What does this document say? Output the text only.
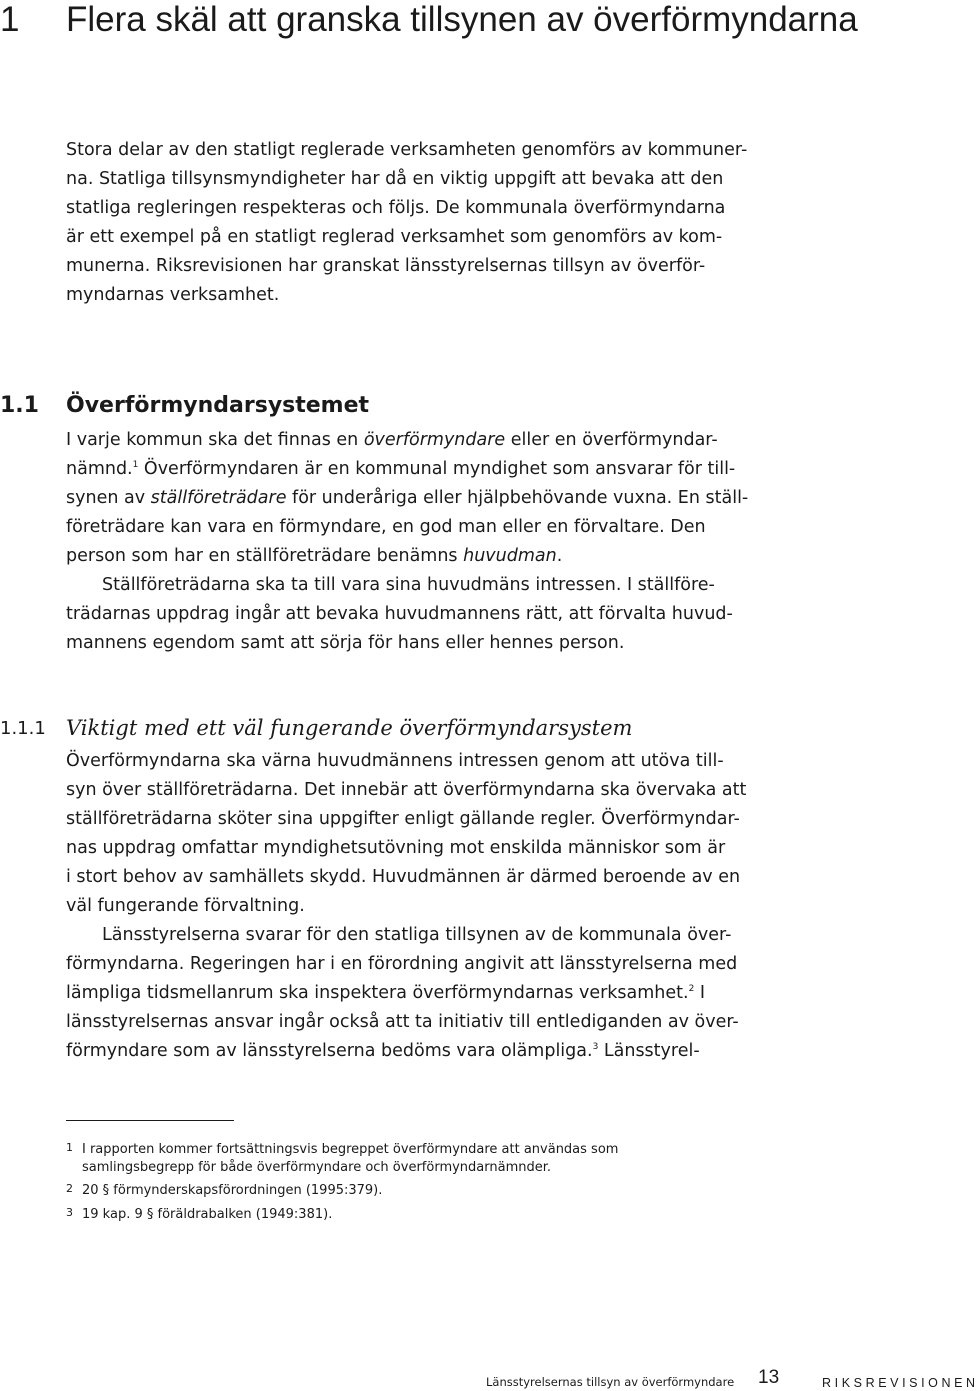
1 Flera skäl att granska tillsynen av överförmyndarna
Stora delar av den statligt reglerade verksamheten genomförs av kommuner-
na. Statliga tillsynsmyndigheter har då en viktig uppgift att bevaka att den
statliga regleringen respekteras och följs. De kommunala överförmyndarna
är ett exempel på en statligt reglerad verksamhet som genomförs av kom-
munerna. Riksrevisionen har granskat länsstyrelsernas tillsyn av överför-
myndarnas verksamhet.
1.1 Överförmyndarsystemet
I varje kommun ska det finnas en överförmyndare eller en överförmyndar-
nämnd.$^1$ Överförmyndaren är en kommunal myndighet som ansvarar för till-
synen av ställföreträdare för underåriga eller hjälpbehövande vuxna. En ställ-
företrädare kan vara en förmyndare, en god man eller en förvaltare. Den
person som har en ställföreträdare benämns huvudman.
Ställföreträdarna ska ta till vara sina huvudmäns intressen. I ställföre-
trädarnas uppdrag ingår att bevaka huvudmannens rätt, att förvalta huvud-
mannens egendom samt att sörja för hans eller hennes person.
1.1.1 Viktigt med ett väl fungerande överförmyndarsystem
Överförmyndarna ska värna huvudmännens intressen genom att utöva till-
syn över ställföreträdarna. Det innebär att överförmyndarna ska övervaka att
ställföreträdarna sköter sina uppgifter enligt gällande regler. Överförmyndar-
nas uppdrag omfattar myndighetsutövning mot enskilda människor som är
i stort behov av samhällets skydd. Huvudmännen är därmed beroende av en
väl fungerande förvaltning.
Länsstyrelserna svarar för den statliga tillsynen av de kommunala över-
förmyndarna. Regeringen har i en förordning angivit att länsstyrelserna med
lämpliga tidsmellanrum ska inspektera överförmyndarnas verksamhet.$^2$ I
länsstyrelsernas ansvar ingår också att ta initiativ till entlediganden av över-
förmyndare som av länsstyrelserna bedöms vara olämpliga.$^3$ Länsstyrel-
1 I rapporten kommer fortsättningsvis begreppet överförmyndare att användas som
samlingsbegrepp för både överförmyndare och överförmyndarnämnder.
2 20 § förmynderskapsförordningen (1995:379).
3 19 kap. 9 § föräldrabalken (1949:381).
Länsstyrelsernas tillsyn av överförmyndare 13	RIKSREVISIONEN
